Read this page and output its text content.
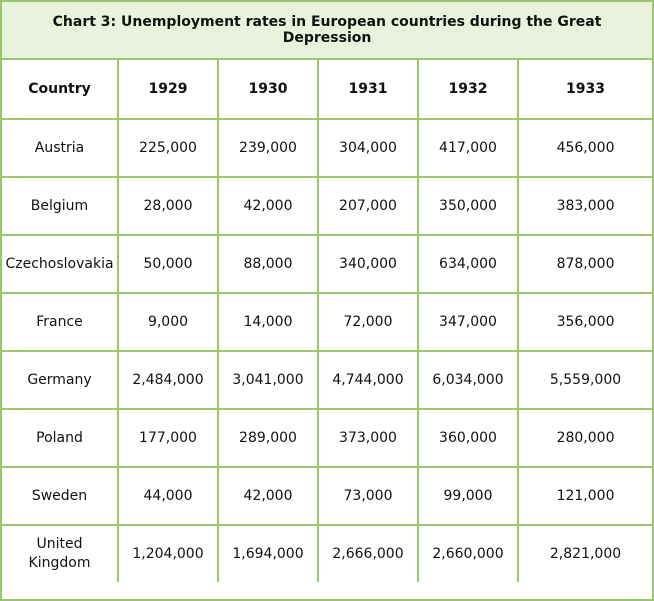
Chart 3: Unemployment rates in European countries during the Great Depression					
Country	1929	1930	1931	1932	1933
Austria	225,000	239,000	304,000	417,000	456,000
Belgium	28,000	42,000	207,000	350,000	383,000
Czechoslovakia	50,000	88,000	340,000	634,000	878,000
France	9,000	14,000	72,000	347,000	356,000
Germany	2,484,000	3,041,000	4,744,000	6,034,000	5,559,000
Poland	177,000	289,000	373,000	360,000	280,000
Sweden	44,000	42,000	73,000	99,000	121,000
United Kingdom	1,204,000	1,694,000	2,666,000	2,660,000	2,821,000
